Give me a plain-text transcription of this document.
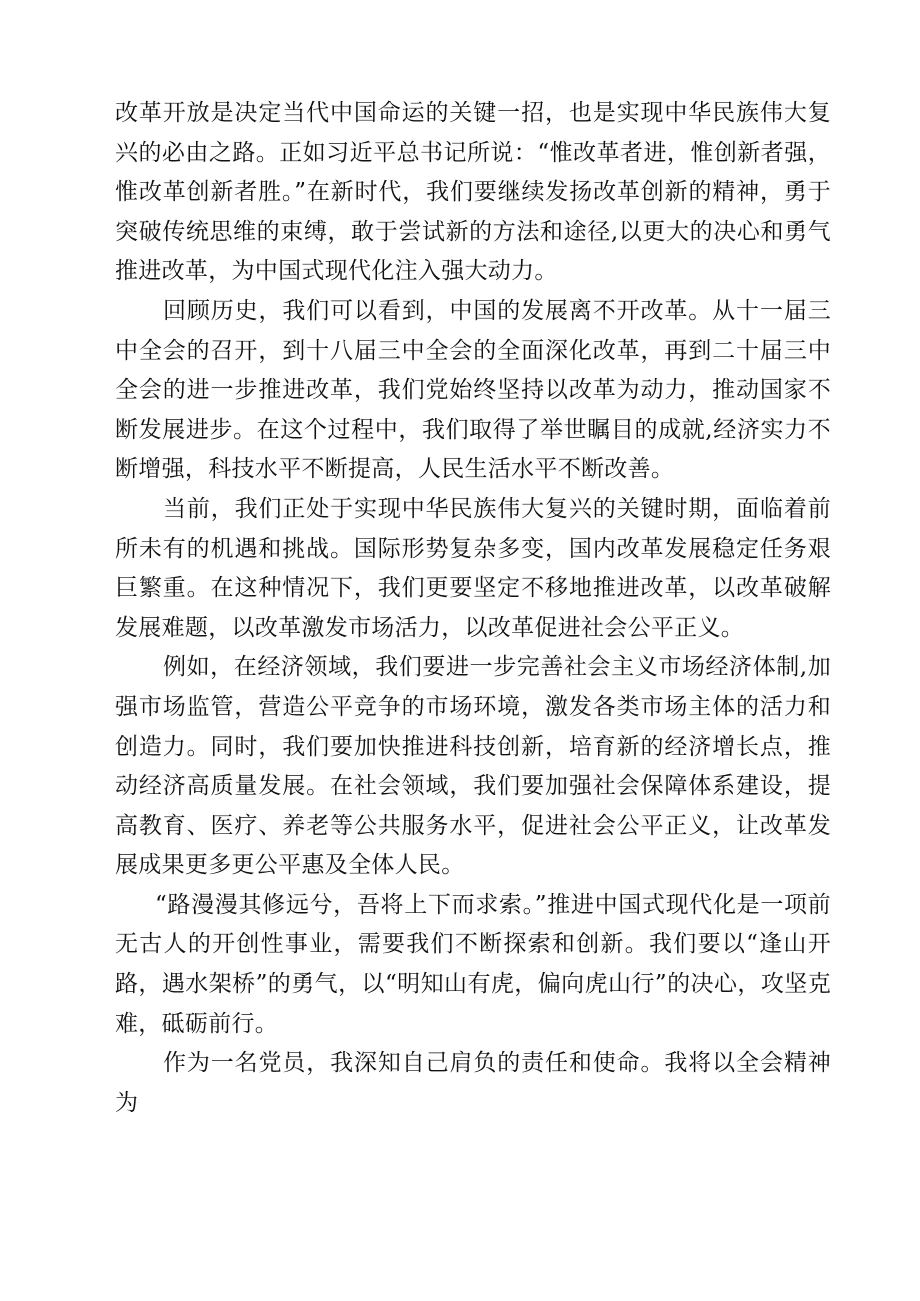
改革开放是决定当代中国命运的关键一招，也是实现中华民族伟大复兴的必由之路。正如习近平总书记所说：“惟改革者进，惟创新者强，惟改革创新者胜。”在新时代，我们要继续发扬改革创新的精神，勇于突破传统思维的束缚，敢于尝试新的方法和途径,以更大的决心和勇气推进改革，为中国式现代化注入强大动力。

回顾历史，我们可以看到，中国的发展离不开改革。从十一届三中全会的召开，到十八届三中全会的全面深化改革，再到二十届三中全会的进一步推进改革，我们党始终坚持以改革为动力，推动国家不断发展进步。在这个过程中，我们取得了举世瞩目的成就,经济实力不断增强，科技水平不断提高，人民生活水平不断改善。

当前，我们正处于实现中华民族伟大复兴的关键时期，面临着前所未有的机遇和挑战。国际形势复杂多变，国内改革发展稳定任务艰巨繁重。在这种情况下，我们更要坚定不移地推进改革，以改革破解发展难题，以改革激发市场活力，以改革促进社会公平正义。

例如，在经济领域，我们要进一步完善社会主义市场经济体制,加强市场监管，营造公平竞争的市场环境，激发各类市场主体的活力和创造力。同时，我们要加快推进科技创新，培育新的经济增长点，推动经济高质量发展。在社会领域，我们要加强社会保障体系建设，提高教育、医疗、养老等公共服务水平，促进社会公平正义，让改革发展成果更多更公平惠及全体人民。

“路漫漫其修远兮，吾将上下而求索。”推进中国式现代化是一项前无古人的开创性事业，需要我们不断探索和创新。我们要以“逢山开路，遇水架桥”的勇气，以“明知山有虎，偏向虎山行”的决心，攻坚克难，砥砺前行。

作为一名党员，我深知自己肩负的责任和使命。我将以全会精神为
